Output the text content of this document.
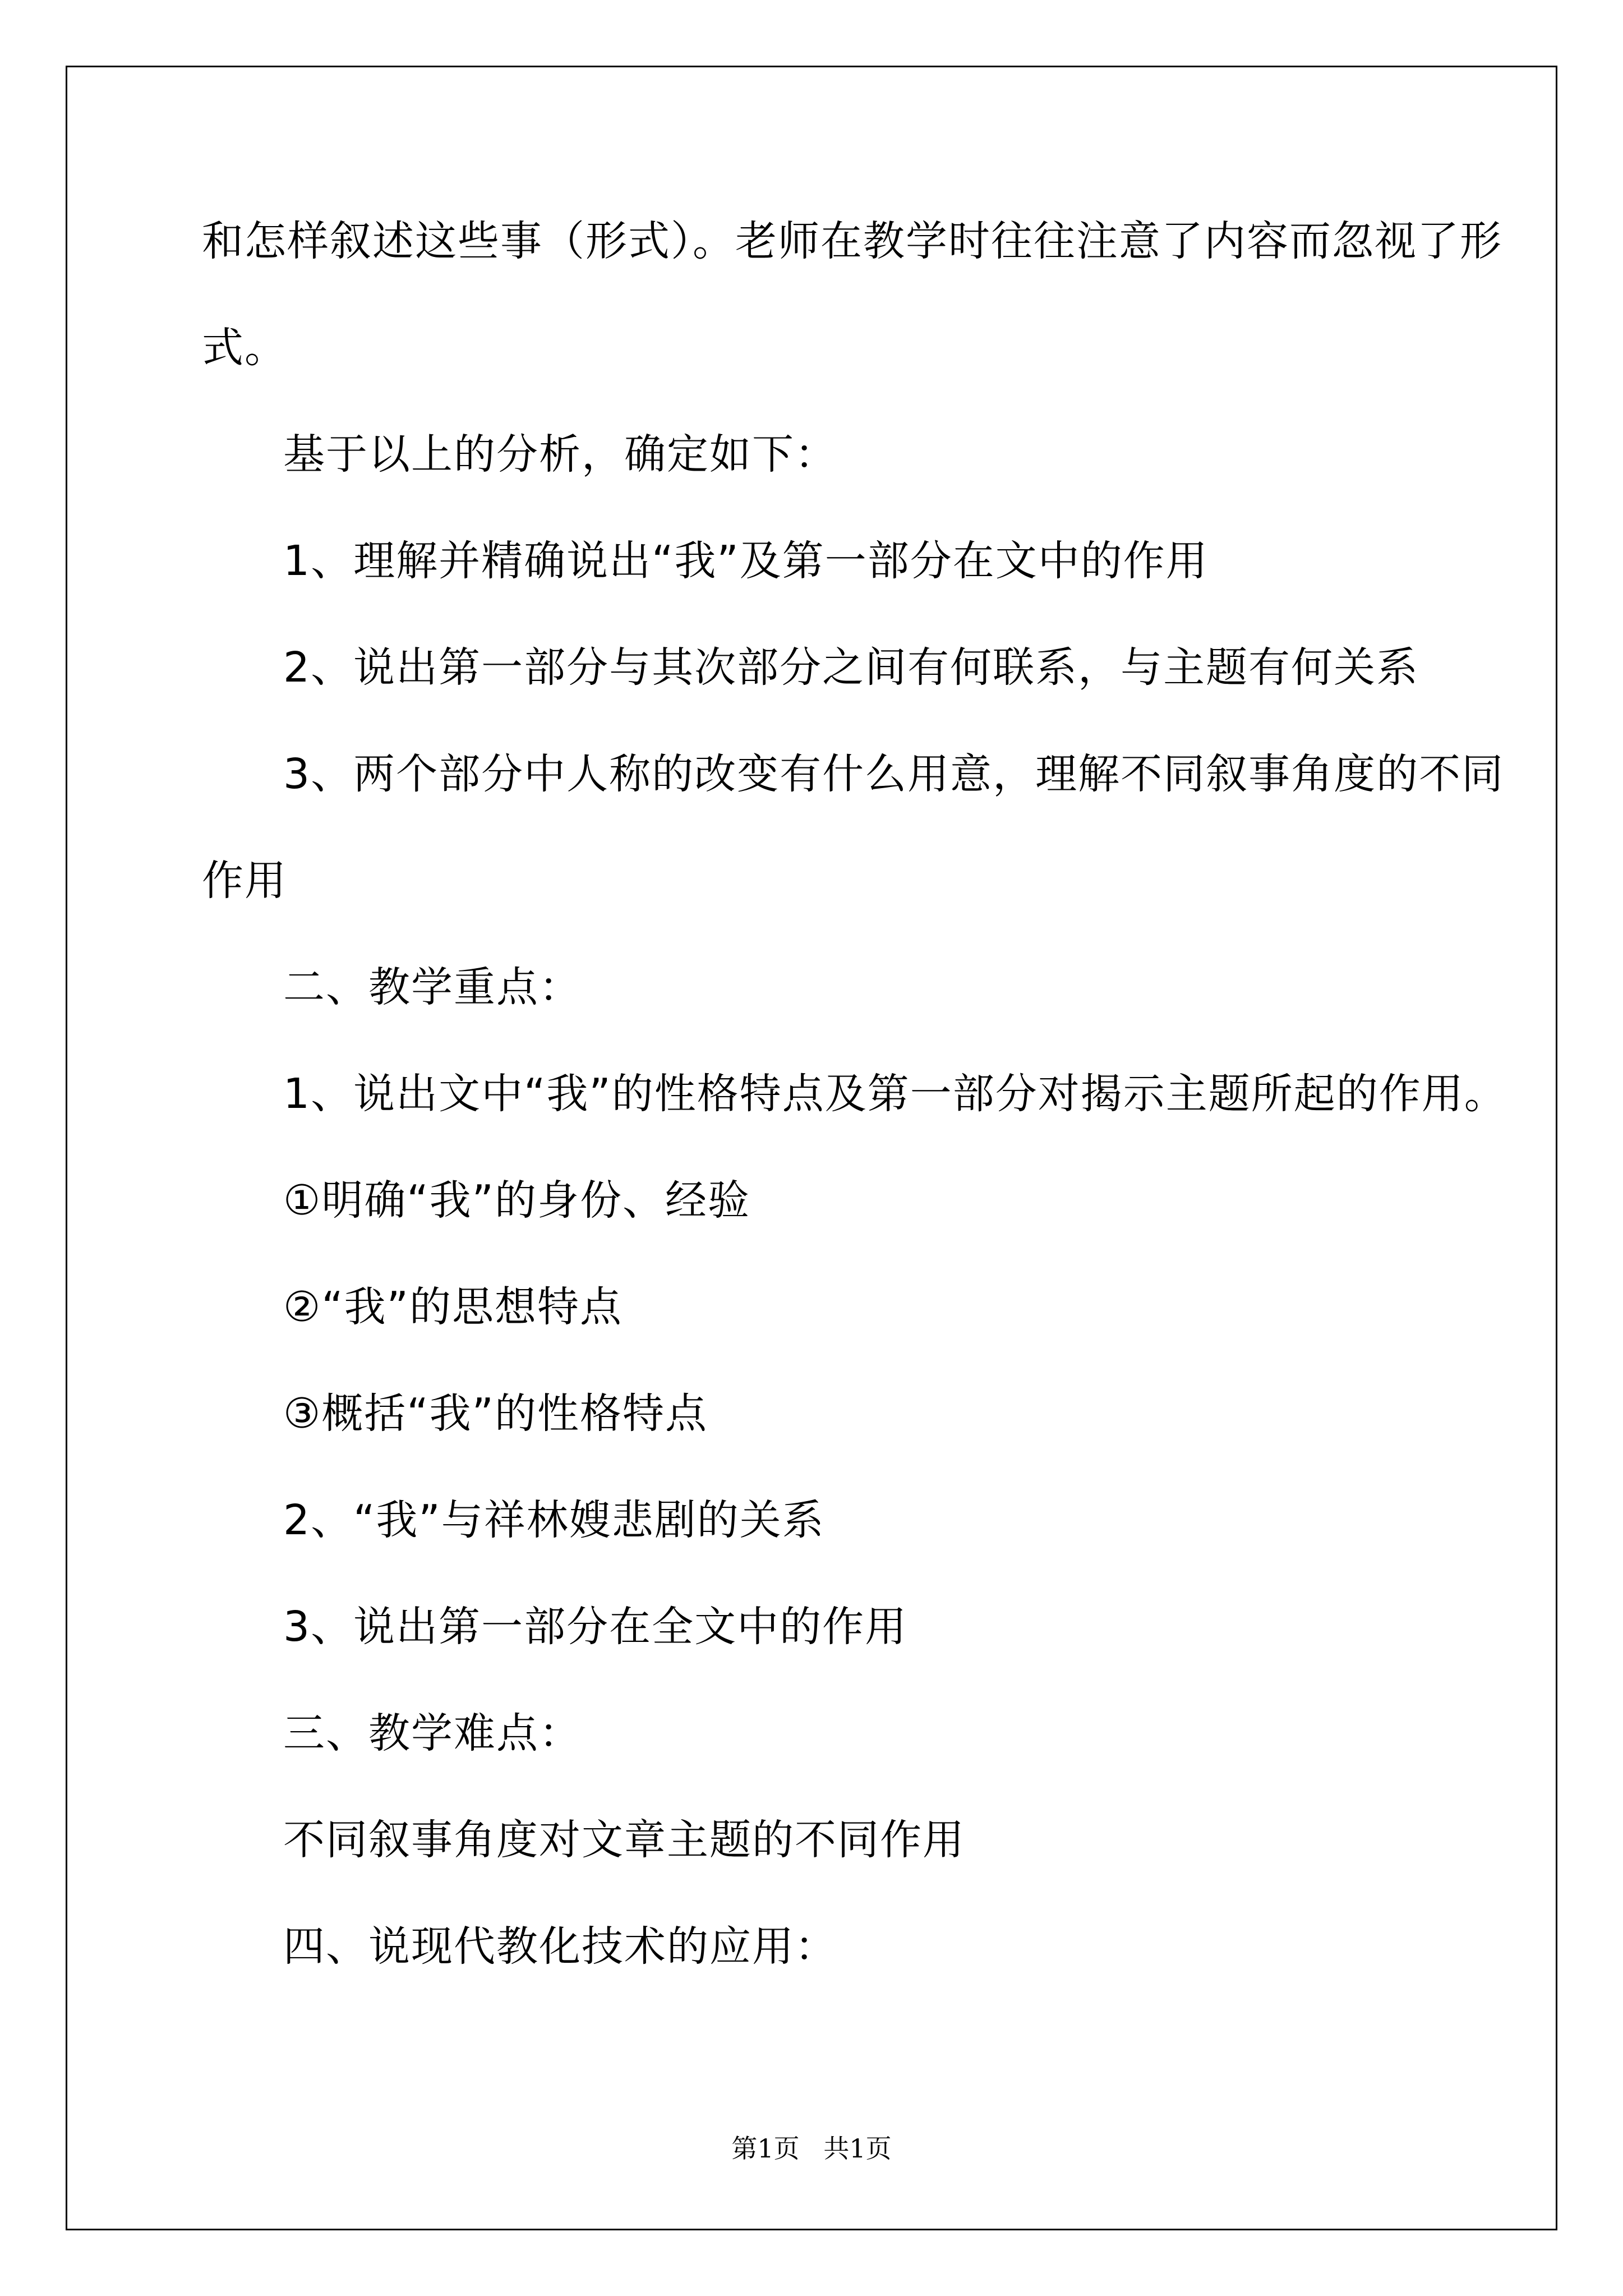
和怎样叙述这些事（形式）。老师在教学时往往注意了内容而忽视了形
式。
基于以上的分析，确定如下：
1、理解并精确说出“我”及第一部分在文中的作用
2、说出第一部分与其次部分之间有何联系，与主题有何关系
3、两个部分中人称的改变有什么用意，理解不同叙事角度的不同
作用
二、教学重点：
1、说出文中“我”的性格特点及第一部分对揭示主题所起的作用。
①明确“我”的身份、经验
②“我”的思想特点
③概括“我”的性格特点
2、“我”与祥林嫂悲剧的关系
3、说出第一部分在全文中的作用
三、教学难点：
不同叙事角度对文章主题的不同作用
四、说现代教化技术的应用：
第1页 共1页
